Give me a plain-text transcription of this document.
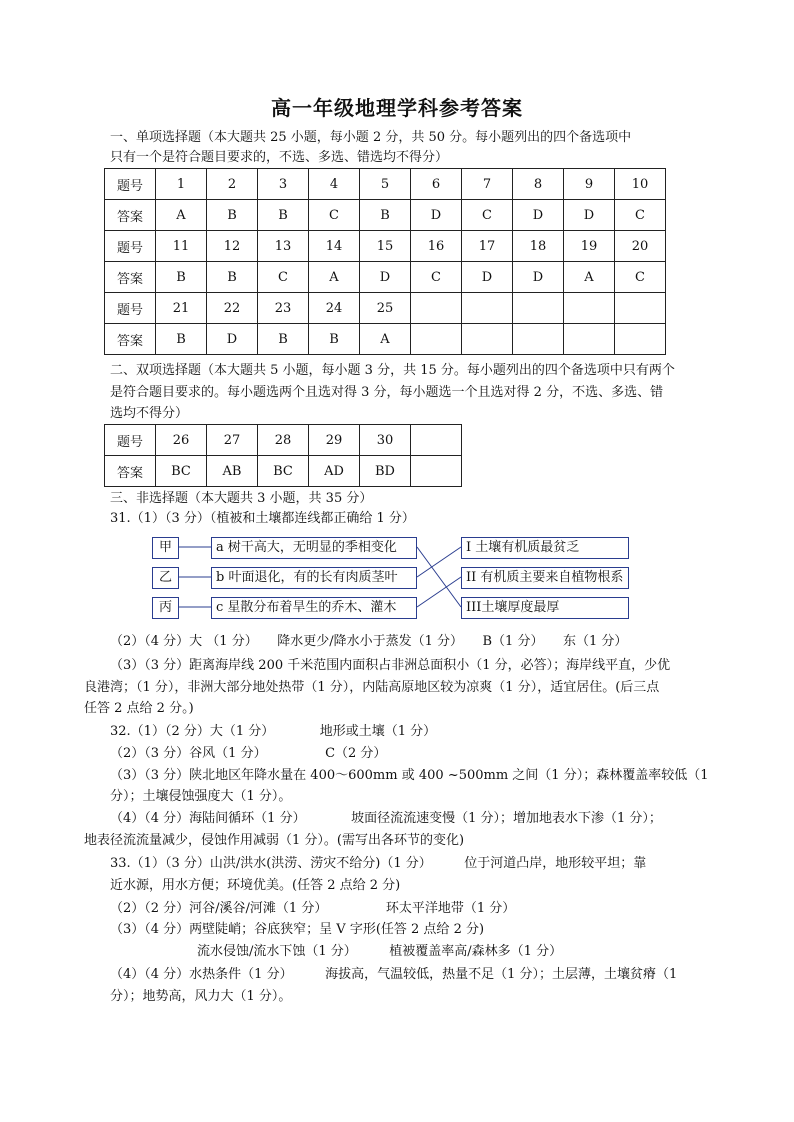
高一年级地理学科参考答案
一、单项选择题（本大题共 25 小题，每小题 2 分，共 50 分。每小题列出的四个备选项中
只有一个是符合题目要求的，不选、多选、错选均不得分）
题号	1	2	3	4	5	6	7	8	9	10
答案	A	B	B	C	B	D	C	D	D	C
题号	11	12	13	14	15	16	17	18	19	20
答案	B	B	C	A	D	C	D	D	A	C
题号	21	22	23	24	25					
答案	B	D	B	B	A					
二、双项选择题（本大题共 5 小题，每小题 3 分，共 15 分。每小题列出的四个备选项中只有两个
是符合题目要求的。每小题选两个且选对得 3 分，每小题选一个且选对得 2 分，不选、多选、错
选均不得分）
题号	26	27	28	29	30	
答案	BC	AB	BC	AD	BD	
三、非选择题（本大题共 3 小题，共 35 分）
31.（1）（3 分）（植被和土壤都连线都正确给 1 分）
甲
乙
丙
a 树干高大，无明显的季相变化
b 叶面退化，有的长有肉质茎叶
c 星散分布着旱生的乔木、灌木
I 土壤有机质最贫乏
II 有机质主要来自植物根系
III土壤厚度最厚
（2）（4 分）大 （1 分）　　降水更少/降水小于蒸发（1 分）　　B（1 分）　　东（1 分）
（3）（3 分）距离海岸线 200 千米范围内面积占非洲总面积小（1 分，必答）；海岸线平直，少优
良港湾；（1 分），非洲大部分地处热带（1 分），内陆高原地区较为凉爽（1 分），适宜居住。(后三点
任答 2 点给 2 分。)
32.（1）（2 分）大（1 分）　　　　地形或土壤（1 分）
（2）（3 分）谷风（1 分）　　　　　C（2 分）
（3）（3 分）陕北地区年降水量在 400～600mm 或 400 ~500mm 之间（1 分）；森林覆盖率较低（1
分）；土壤侵蚀强度大（1 分）。
（4）（4 分）海陆间循环（1 分）　　　　坡面径流流速变慢（1 分）；增加地表水下渗（1 分）；
地表径流流量减少，侵蚀作用减弱（1 分）。(需写出各环节的变化)
33.（1）（3 分）山洪/洪水(洪涝、涝灾不给分)（1 分）　　　位于河道凸岸，地形较平坦；靠
近水源，用水方便；环境优美。(任答 2 点给 2 分)
（2）（2 分）河谷/溪谷/河滩（1 分）　　　　　环太平洋地带（1 分）
（3）（4 分）两壁陡峭；谷底狭窄；呈 V 字形(任答 2 点给 2 分)
流水侵蚀/流水下蚀（1 分）　　　植被覆盖率高/森林多（1 分）
（4）（4 分）水热条件（1 分）　　　海拔高，气温较低，热量不足（1 分）；土层薄，土壤贫瘠（1
分）；地势高，风力大（1 分）。
